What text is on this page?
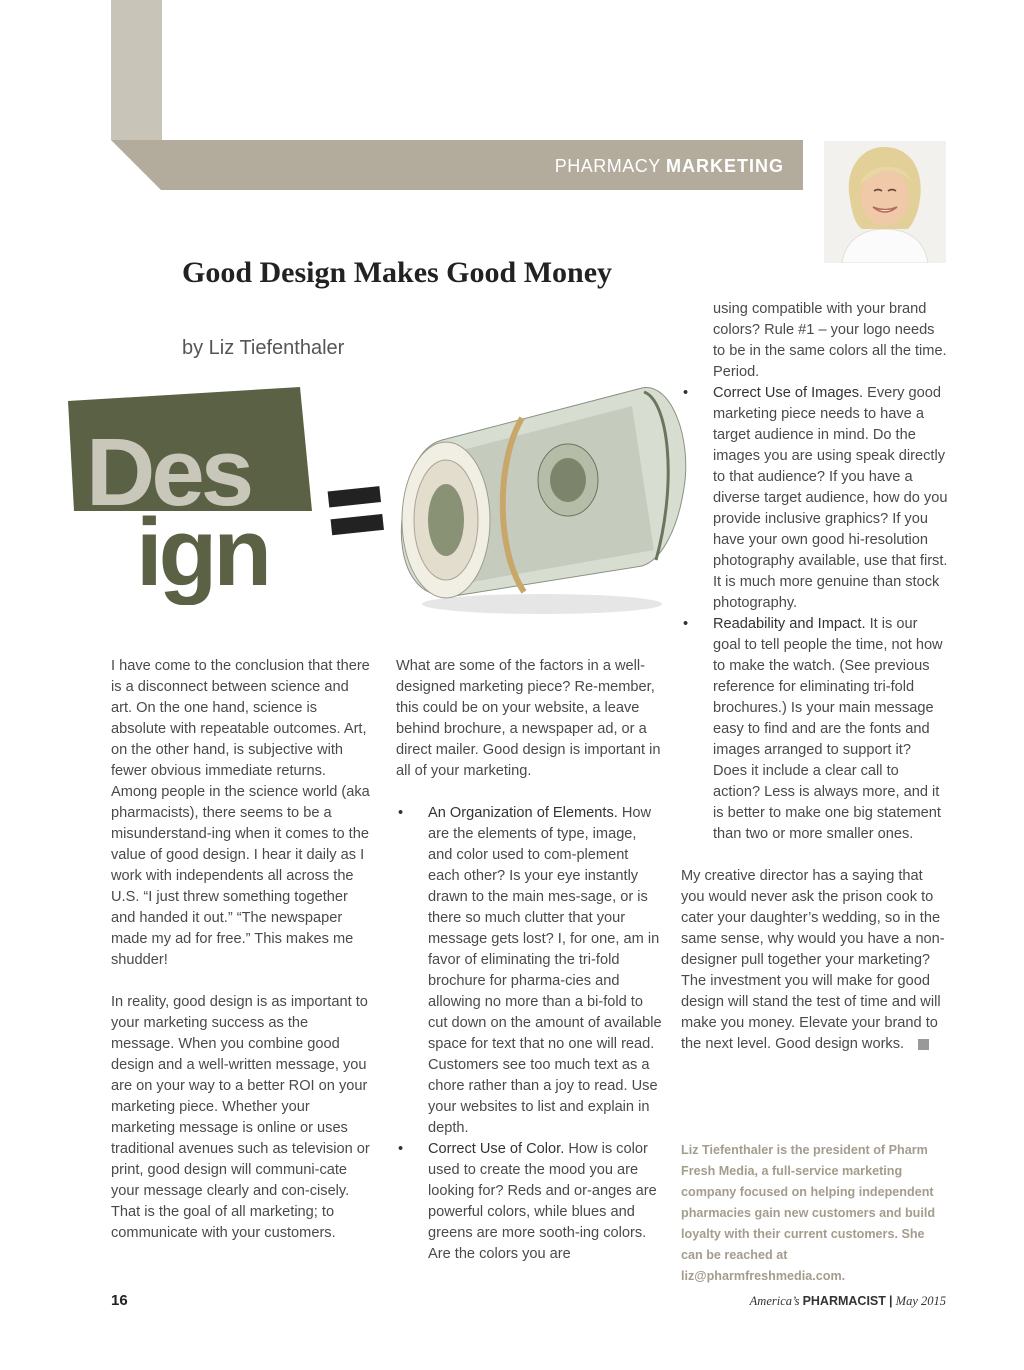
PHARMACY MARKETING
Good Design Makes Good Money
by Liz Tiefenthaler
Des
ign

I have come to the conclusion that there is a disconnect between science and art. On the one hand, science is absolute with repeatable outcomes. Art, on the other hand, is subjective with fewer obvious immediate returns. Among people in the science world (aka pharmacists), there seems to be a misunderstand-ing when it comes to the value of good design. I hear it daily as I work with independents all across the U.S. “I just threw something together and handed it out.” “The newspaper made my ad for free.” This makes me shudder!

In reality, good design is as important to your marketing success as the message. When you combine good design and a well-written message, you are on your way to a better ROI on your marketing piece. Whether your marketing message is online or uses traditional avenues such as television or print, good design will communi-cate your message clearly and con-cisely. That is the goal of all marketing; to communicate with your customers.

What are some of the factors in a well-designed marketing piece? Re-member, this could be on your website, a leave behind brochure, a newspaper ad, or a direct mailer. Good design is important in all of your marketing.

• An Organization of Elements. How are the elements of type, image, and color used to com-plement each other? Is your eye instantly drawn to the main mes-sage, or is there so much clutter that your message gets lost? I, for one, am in favor of eliminating the tri-fold brochure for pharma-cies and allowing no more than a bi-fold to cut down on the amount of available space for text that no one will read. Customers see too much text as a chore rather than a joy to read. Use your websites to list and explain in depth.
• Correct Use of Color. How is color used to create the mood you are looking for? Reds and or-anges are powerful colors, while blues and greens are more sooth-ing colors. Are the colors you are
using compatible with your brand colors? Rule #1 – your logo needs to be in the same colors all the time. Period.
• Correct Use of Images. Every good marketing piece needs to have a target audience in mind. Do the images you are using speak directly to that audience? If you have a diverse target audience, how do you provide inclusive graphics? If you have your own good hi-resolution photography available, use that first. It is much more genuine than stock photography.
• Readability and Impact. It is our goal to tell people the time, not how to make the watch. (See previous reference for eliminating tri-fold brochures.) Is your main message easy to find and are the fonts and images arranged to support it? Does it include a clear call to action? Less is always more, and it is better to make one big statement than two or more smaller ones.

My creative director has a saying that you would never ask the prison cook to cater your daughter’s wedding, so in the same sense, why would you have a non-designer pull together your marketing? The investment you will make for good design will stand the test of time and will make you money. Elevate your brand to the next level. Good design works.

Liz Tiefenthaler is the president of Pharm Fresh Media, a full-service marketing company focused on helping independent pharmacies gain new customers and build loyalty with their current customers. She can be reached at liz@pharmfreshmedia.com.
16	America’s PHARMACIST | May 2015
